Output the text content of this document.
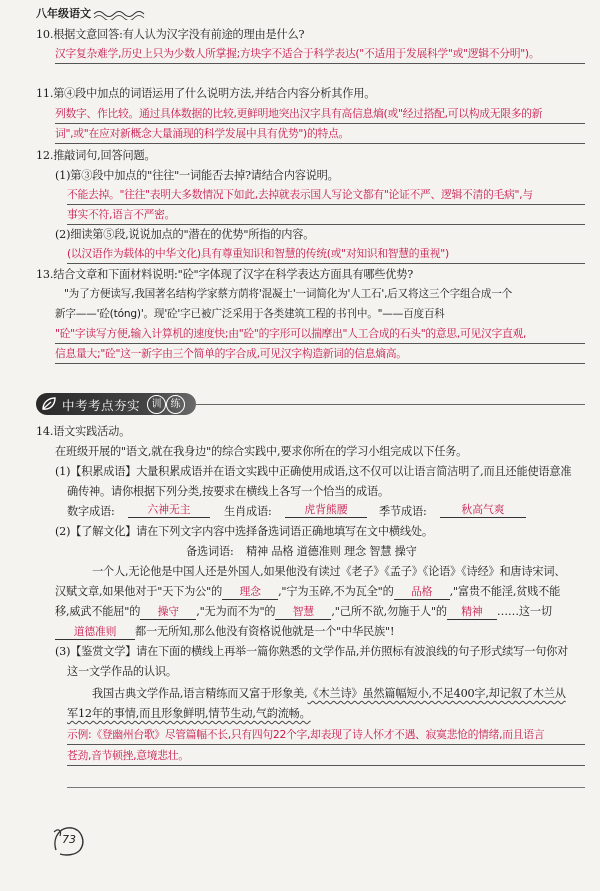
八年级语文
10.根据文意回答:有人认为汉字没有前途的理由是什么?
汉字复杂难学,历史上只为少数人所掌握;方块字不适合于科学表达("不适用于发展科学"或"逻辑不分明")。
11.第④段中加点的词语运用了什么说明方法,并结合内容分析其作用。
列数字、作比较。通过具体数据的比较,更鲜明地突出汉字具有高信息熵(或"经过搭配,可以构成无限多的新
词",或"在应对新概念大量涌现的科学发展中具有优势")的特点。
12.推敲词句,回答问题。
(1)第③段中加点的"往往"一词能否去掉?请结合内容说明。
不能去掉。"往往"表明大多数情况下如此,去掉就表示国人写论文都有"论证不严、逻辑不清的毛病",与
事实不符,语言不严密。
(2)细读第⑤段,说说加点的"潜在的优势"所指的内容。
(以汉语作为载体的中华文化)具有尊重知识和智慧的传统(或"对知识和智慧的重视")
13.结合文章和下面材料说明:"砼"字体现了汉字在科学表达方面具有哪些优势?
"为了方便读写,我国著名结构学家蔡方荫将'混凝土'一词简化为'人工石',后又将这三个字组合成一个
新字——'砼(tóng)'。现'砼'字已被广泛采用于各类建筑工程的书刊中。"——百度百科
"砼"字读写方便,输入计算机的速度快;由"砼"的字形可以揣摩出"人工合成的石头"的意思,可见汉字直观,
信息量大;"砼"这一新字由三个简单的字合成,可见汉字构造新词的信息熵高。
中考考点夯实	训 练
14.语文实践活动。
在班级开展的"语文,就在我身边"的综合实践中,要求你所在的学习小组完成以下任务。
(1)【积累成语】大量积累成语并在语文实践中正确使用成语,这不仅可以让语言简洁明了,而且还能使语意准
确传神。请你根据下列分类,按要求在横线上各写一个恰当的成语。
数字成语:	六神无主	生肖成语:	虎背熊腰	季节成语:	秋高气爽
(2)【了解文化】请在下列文字内容中选择备选词语正确地填写在文中横线处。
备选词语: 精神 品格 道德准则 理念 智慧 操守
一个人,无论他是中国人还是外国人,如果他没有读过《老子》《孟子》《论语》《诗经》和唐诗宋词、
汉赋文章,如果他对于"天下为公"的 理念 ,"宁为玉碎,不为瓦全"的 品格 ,"富贵不能淫,贫贱不能
移,威武不能屈"的 操守 ,"无为而不为"的 智慧 ,"己所不欲,勿施于人"的 精神 ……这一切
道德准则 都一无所知,那么他没有资格说他就是一个"中华民族"!
(3)【鉴赏文学】请在下面的横线上再举一篇你熟悉的文学作品,并仿照标有波浪线的句子形式续写一句你对
这一文学作品的认识。
我国古典文学作品,语言精练而又富于形象美,《木兰诗》虽然篇幅短小,不足400字,却记叙了木兰从
军12年的事情,而且形象鲜明,情节生动,气韵流畅。
示例:《登幽州台歌》尽管篇幅不长,只有四句22个字,却表现了诗人怀才不遇、寂寞悲怆的情绪,而且语言
苍劲,音节顿挫,意境悲壮。
73
